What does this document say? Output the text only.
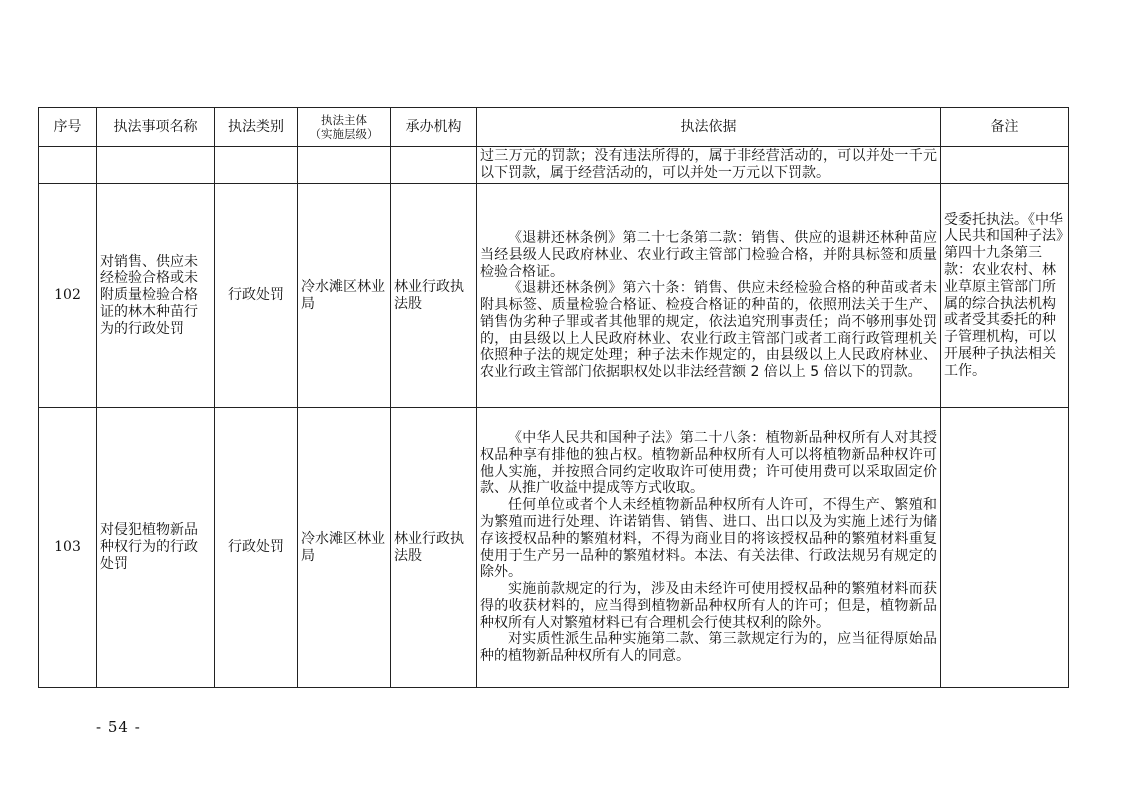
序号	执法事项名称	执法类别	执法主体
（实施层级）	承办机构	执法依据	备注

					过三万元的罚款；没有违法所得的，属于非经营活动的，可以并处一千元以下罚款，属于经营活动的，可以并处一万元以下罚款。	

102	对销售、供应未经检验合格或未附质量检验合格证的林木种苗行为的行政处罚	行政处罚	冷水滩区林业局	林业行政执法股	《退耕还林条例》第二十七条第二款：销售、供应的退耕还林种苗应当经县级人民政府林业、农业行政主管部门检验合格，并附具标签和质量检验合格证。

《退耕还林条例》第六十条：销售、供应未经检验合格的种苗或者未附具标签、质量检验合格证、检疫合格证的种苗的，依照刑法关于生产、销售伪劣种子罪或者其他罪的规定，依法追究刑事责任；尚不够刑事处罚的，由县级以上人民政府林业、农业行政主管部门或者工商行政管理机关依照种子法的规定处理；种子法未作规定的，由县级以上人民政府林业、农业行政主管部门依据职权处以非法经营额 2 倍以上 5 倍以下的罚款。	受委托执法。《中华人民共和国种子法》第四十九条第三款：农业农村、林业草原主管部门所属的综合执法机构或者受其委托的种子管理机构，可以开展种子执法相关工作。
103	对侵犯植物新品种权行为的行政处罚	行政处罚	冷水滩区林业局	林业行政执法股	《中华人民共和国种子法》第二十八条：植物新品种权所有人对其授权品种享有排他的独占权。植物新品种权所有人可以将植物新品种权许可他人实施，并按照合同约定收取许可使用费；许可使用费可以采取固定价款、从推广收益中提成等方式收取。

任何单位或者个人未经植物新品种权所有人许可，不得生产、繁殖和为繁殖而进行处理、许诺销售、销售、进口、出口以及为实施上述行为储存该授权品种的繁殖材料，不得为商业目的将该授权品种的繁殖材料重复使用于生产另一品种的繁殖材料。本法、有关法律、行政法规另有规定的除外。

实施前款规定的行为，涉及由未经许可使用授权品种的繁殖材料而获得的收获材料的，应当得到植物新品种权所有人的许可；但是，植物新品种权所有人对繁殖材料已有合理机会行使其权利的除外。

对实质性派生品种实施第二款、第三款规定行为的，应当征得原始品种的植物新品种权所有人的同意。	

- 54 -
